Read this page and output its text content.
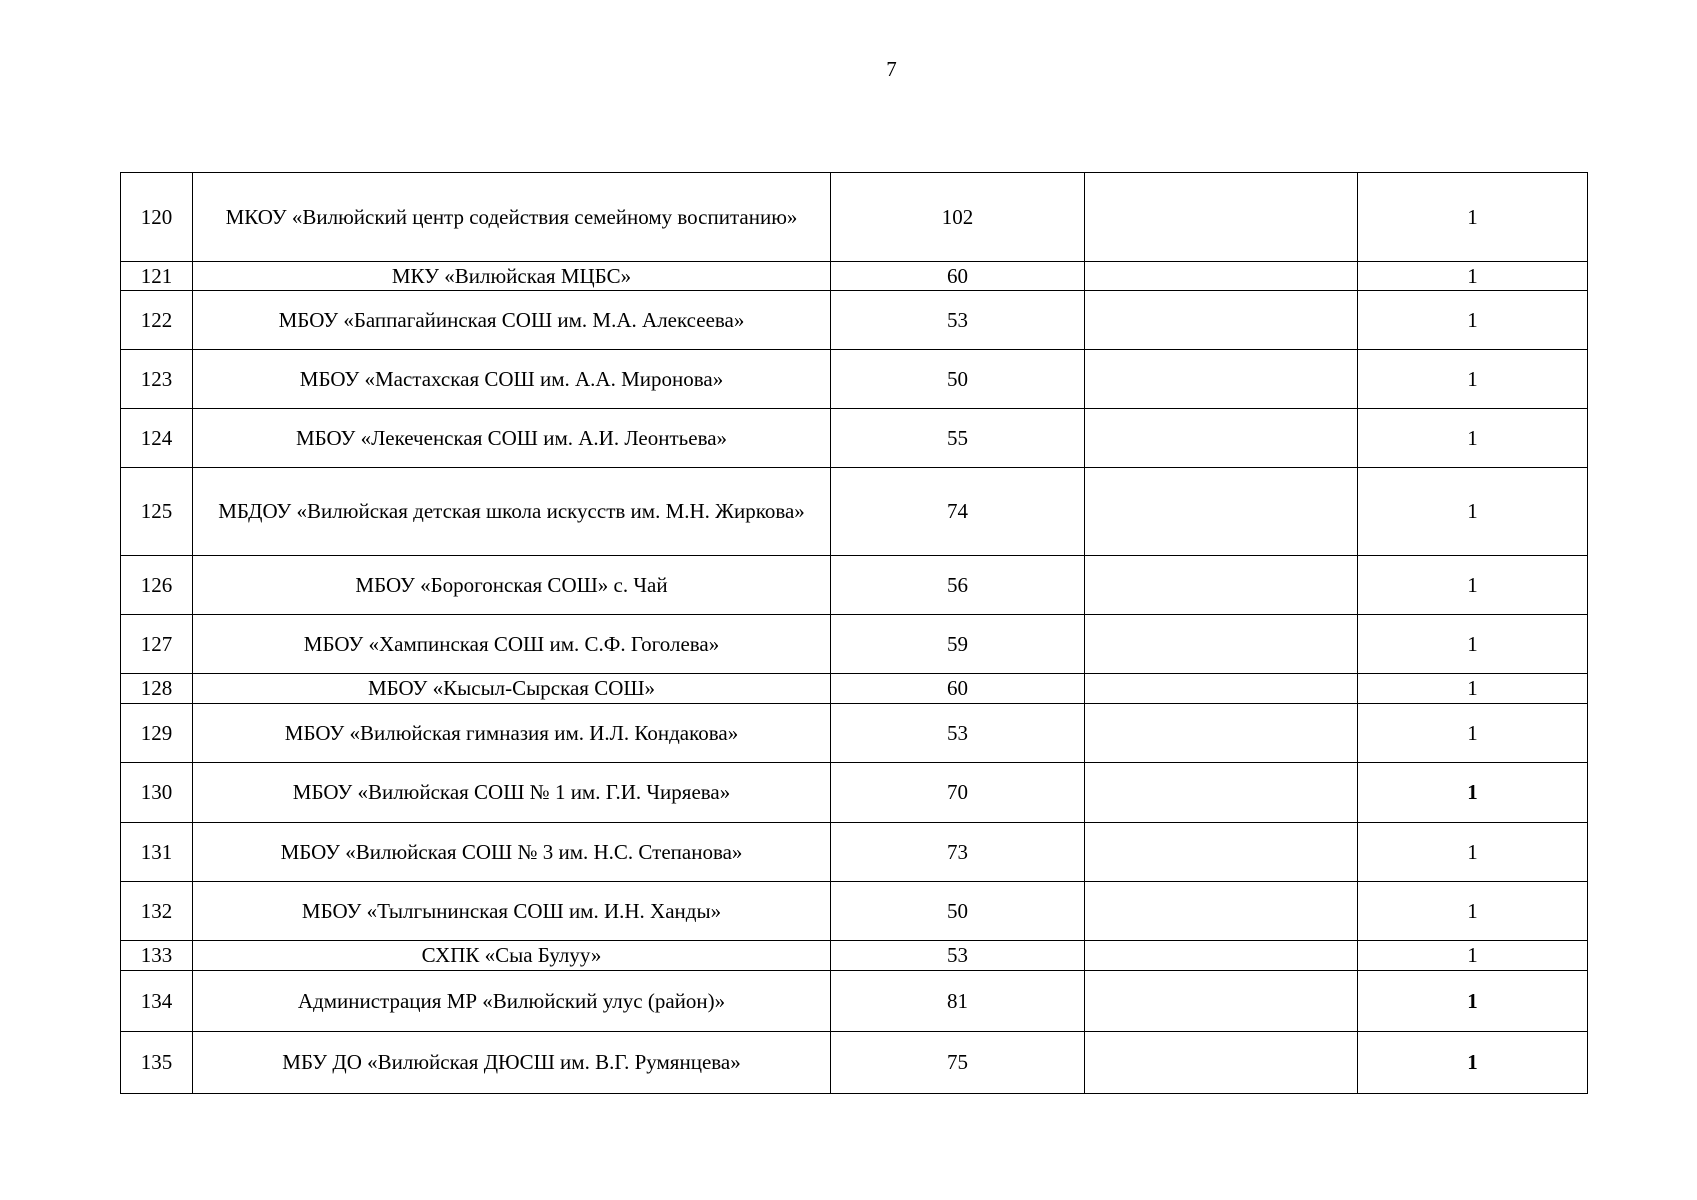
7
120	МКОУ «Вилюйский центр содействия семейному воспитанию»	102		1
121	МКУ «Вилюйская МЦБС»	60		1
122	МБОУ «Баппагайинская СОШ им. М.А. Алексеева»	53		1
123	МБОУ «Мастахская СОШ им. А.А. Миронова»	50		1
124	МБОУ «Лекеченская СОШ им. А.И. Леонтьева»	55		1
125	МБДОУ «Вилюйская детская школа искусств им. М.Н. Жиркова»	74		1
126	МБОУ «Борогонская СОШ» с. Чай	56		1
127	МБОУ «Хампинская СОШ им. С.Ф. Гоголева»	59		1
128	МБОУ «Кысыл-Сырская СОШ»	60		1
129	МБОУ «Вилюйская гимназия им. И.Л. Кондакова»	53		1
130	МБОУ «Вилюйская СОШ № 1 им. Г.И. Чиряева»	70		1
131	МБОУ «Вилюйская СОШ № 3 им. Н.С. Степанова»	73		1
132	МБОУ «Тылгынинская СОШ им. И.Н. Ханды»	50		1
133	СХПК «Сыа Булуу»	53		1
134	Администрация МР «Вилюйский улус (район)»	81		1
135	МБУ ДО «Вилюйская ДЮСШ им. В.Г. Румянцева»	75		1
